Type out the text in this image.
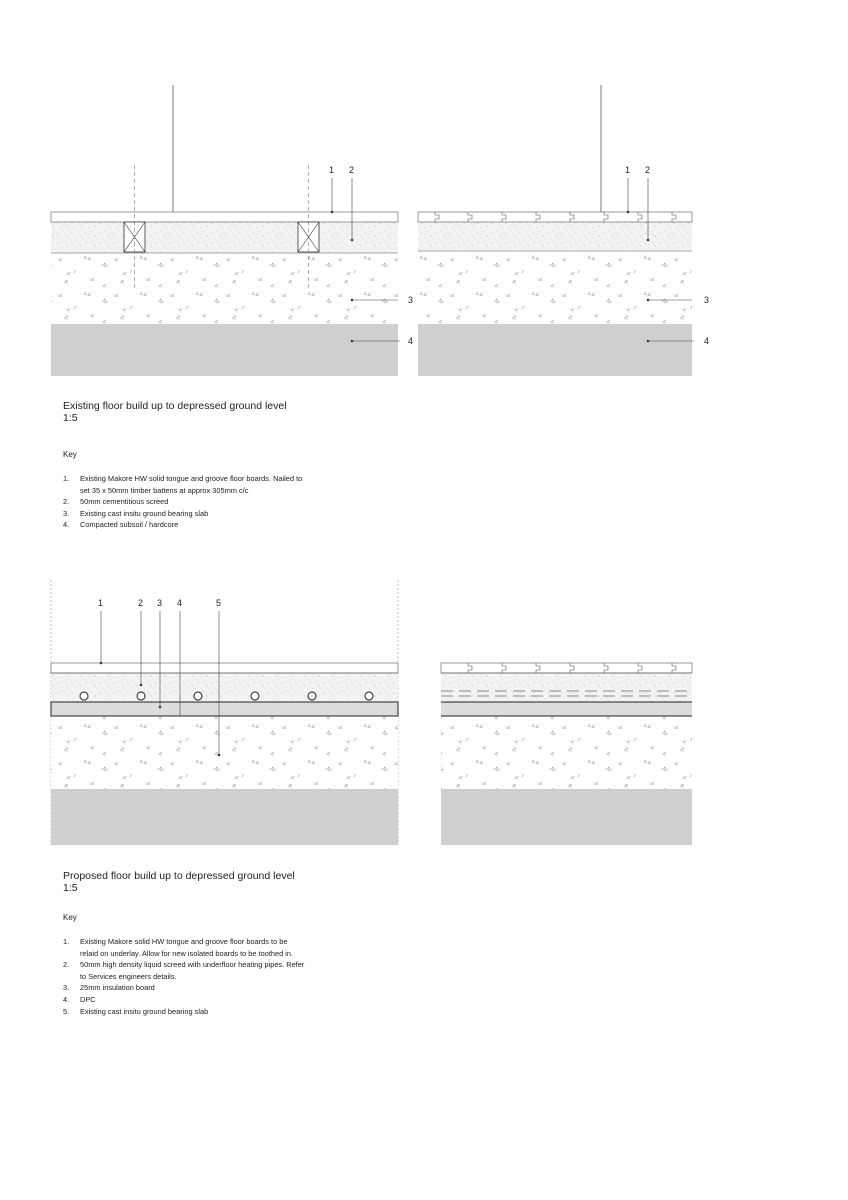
1 2
3
4
1 2
3
4
1	2 3 4	5

Existing floor build up to depressed ground level

1:5

Key

1. Existing Makore HW solid tongue and groove floor boards. Nailed to
set 35 x 50mm timber battens at approx 305mm c/c
2. 50mm cementitious screed
3. Existing cast insitu ground bearing slab
4. Compacted subsoil / hardcore

Proposed floor build up to depressed ground level

1:5

Key

1. Existing Makore solid HW tongue and groove floor boards to be
relaid on underlay. Allow for new isolated boards to be toothed in.
2. 50mm high density liquid screed with underfloor heating pipes. Refer
to Services engineers details.
3. 25mm insulation board
4. DPC
5. Existing cast insitu ground bearing slab
